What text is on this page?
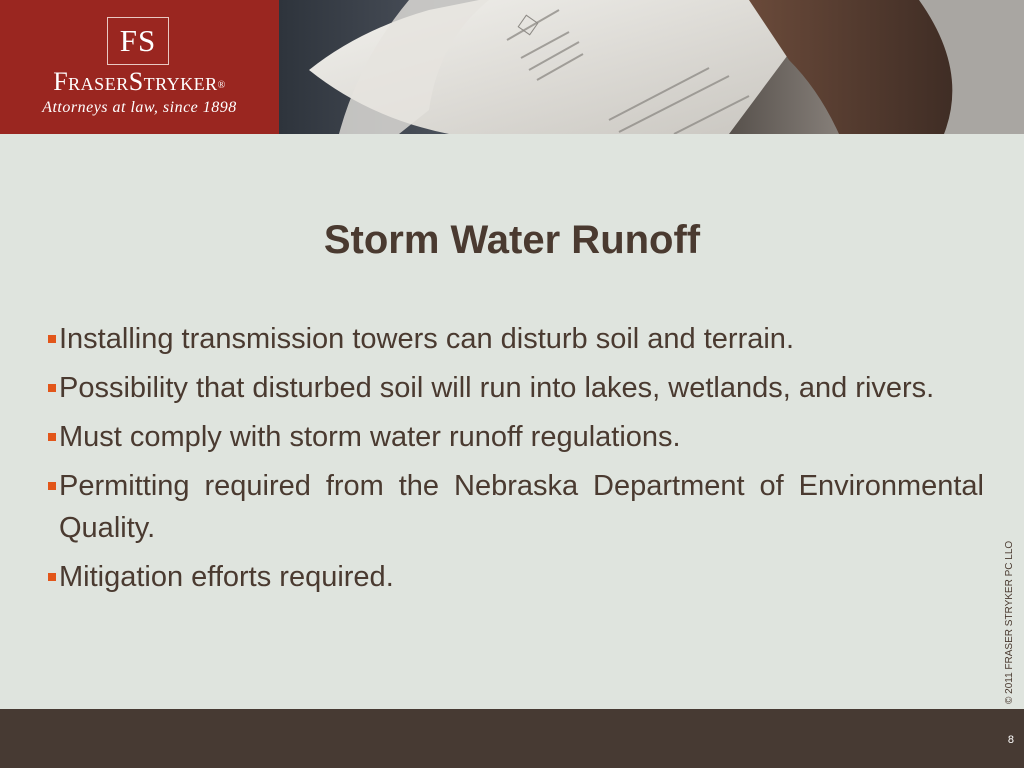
FS
FraserStryker®
Attorneys at law, since 1898
Storm Water Runoff
Installing transmission towers can disturb soil and terrain.
Possibility that disturbed soil will run into lakes, wetlands, and rivers.
Must comply with storm water runoff regulations.
Permitting required from the Nebraska Department of Environmental Quality.
Mitigation efforts required.	© 2011 FRASER STRYKER PC LLO
8
